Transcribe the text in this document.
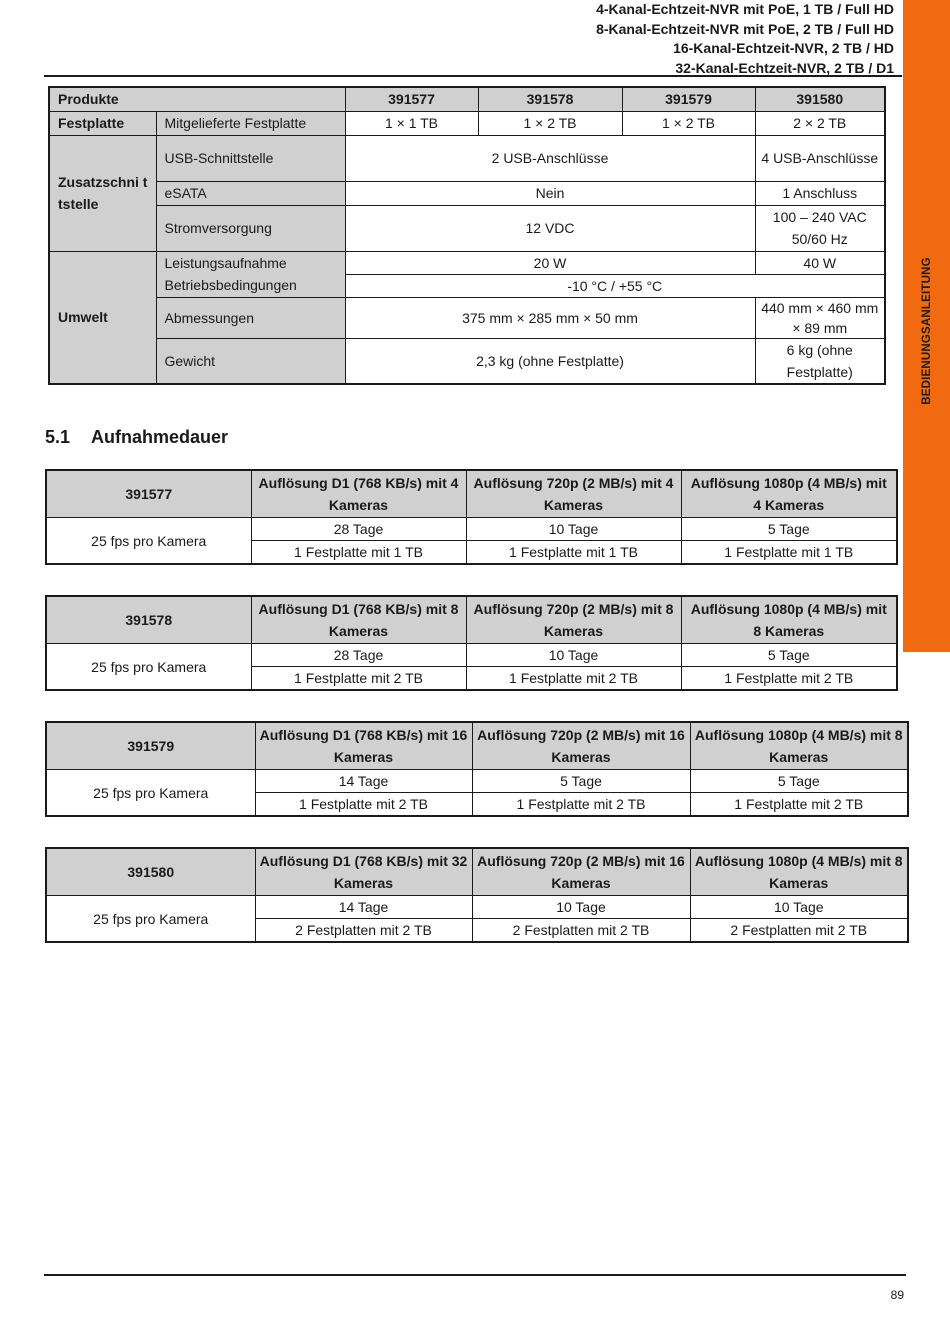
4-Kanal-Echtzeit-NVR mit PoE, 1 TB / Full HD
8-Kanal-Echtzeit-NVR mit PoE, 2 TB / Full HD
16-Kanal-Echtzeit-NVR, 2 TB / HD
32-Kanal-Echtzeit-NVR, 2 TB / D1
BEDIENUNGSANLEITUNG
Produkte		391577	391578	391579	391580
Festplatte	Mitgelieferte Festplatte	1 × 1 TB	1 × 2 TB	1 × 2 TB	2 × 2 TB
Zusatzschni ttstelle	USB-Schnittstelle	2 USB-Anschlüsse			4 USB-Anschlüsse
	eSATA	Nein			1 Anschluss
	Stromversorgung	12 VDC			100 – 240 VAC 50/60 Hz
Umwelt	Leistungsaufnahme	20 W			40 W
	Betriebsbedingungen	-10 °C / +55 °C			
	Abmessungen	375 mm × 285 mm × 50 mm			440 mm × 460 mm × 89 mm
	Gewicht	2,3 kg (ohne Festplatte)			6 kg (ohne Festplatte)
5.1 Aufnahmedauer
391577	Auflösung D1 (768 KB/s) mit 4 Kameras	Auflösung 720p (2 MB/s) mit 4 Kameras	Auflösung 1080p (4 MB/s) mit 4 Kameras
25 fps pro Kamera	28 Tage	10 Tage	5 Tage
	1 Festplatte mit 1 TB	1 Festplatte mit 1 TB	1 Festplatte mit 1 TB
391578	Auflösung D1 (768 KB/s) mit 8 Kameras	Auflösung 720p (2 MB/s) mit 8 Kameras	Auflösung 1080p (4 MB/s) mit 8 Kameras
25 fps pro Kamera	28 Tage	10 Tage	5 Tage
	1 Festplatte mit 2 TB	1 Festplatte mit 2 TB	1 Festplatte mit 2 TB
391579	Auflösung D1 (768 KB/s) mit 16 Kameras	Auflösung 720p (2 MB/s) mit 16 Kameras	Auflösung 1080p (4 MB/s) mit 8 Kameras
25 fps pro Kamera	14 Tage	5 Tage	5 Tage
	1 Festplatte mit 2 TB	1 Festplatte mit 2 TB	1 Festplatte mit 2 TB
391580	Auflösung D1 (768 KB/s) mit 32 Kameras	Auflösung 720p (2 MB/s) mit 16 Kameras	Auflösung 1080p (4 MB/s) mit 8 Kameras
25 fps pro Kamera	14 Tage	10 Tage	10 Tage
	2 Festplatten mit 2 TB	2 Festplatten mit 2 TB	2 Festplatten mit 2 TB
89
